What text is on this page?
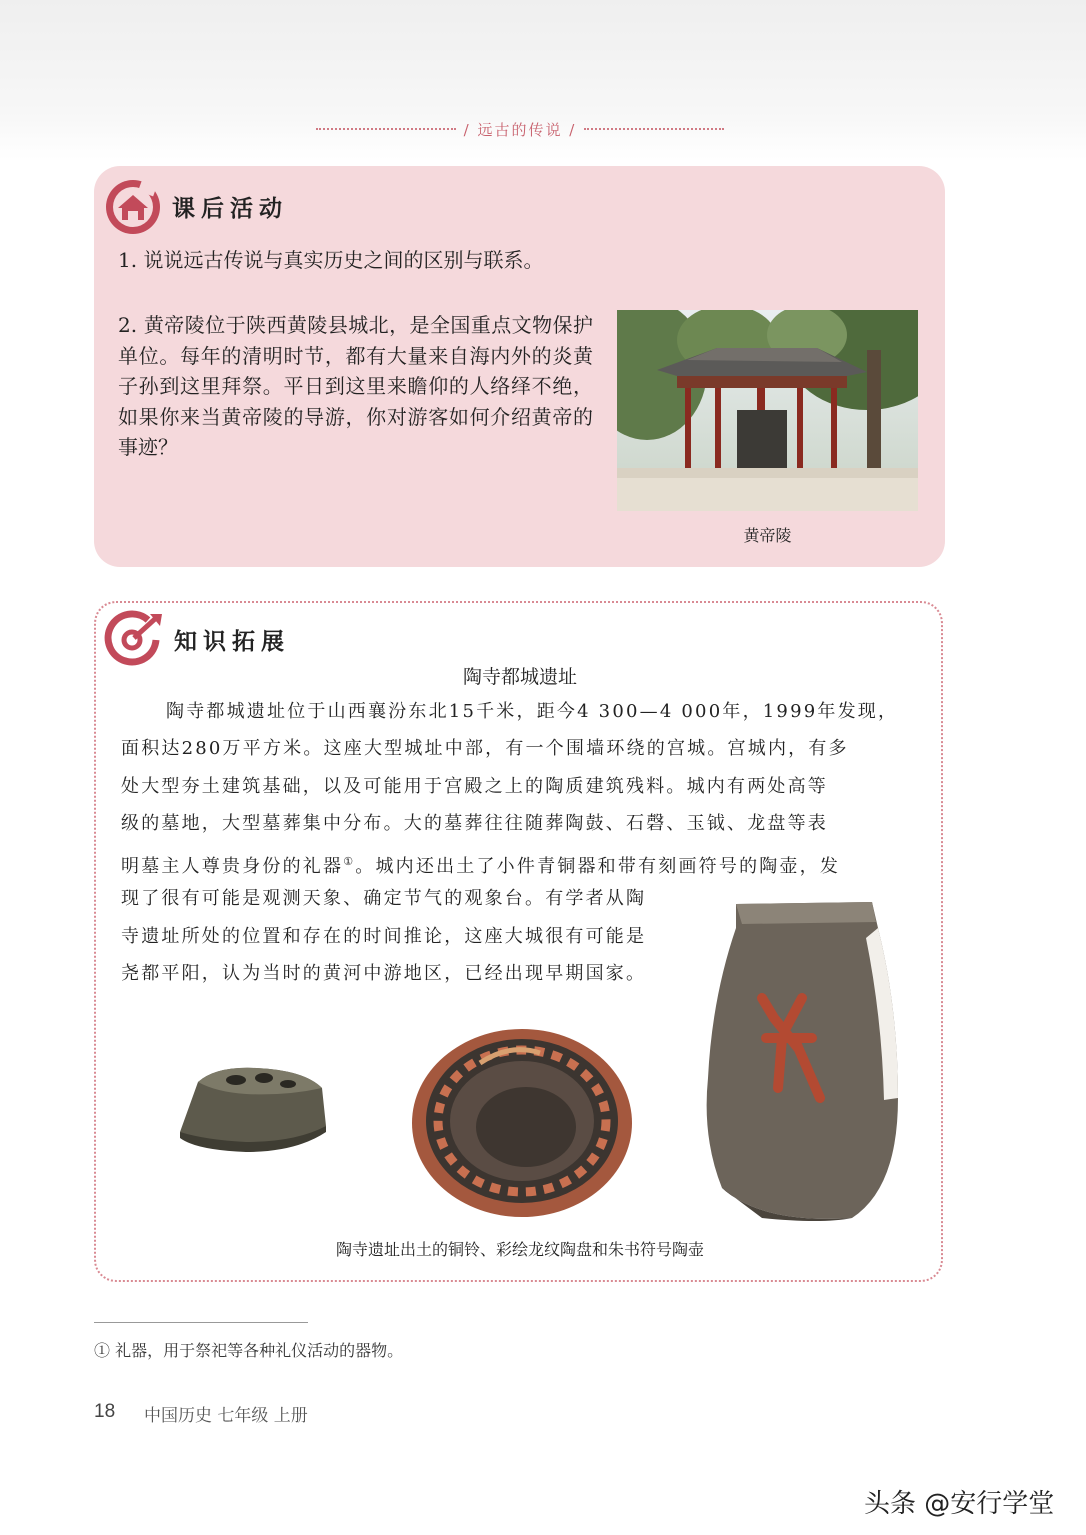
/ 远古的传说 /
课后活动
1. 说说远古传说与真实历史之间的区别与联系。
2. 黄帝陵位于陕西黄陵县城北，是全国重点文物保护单位。每年的清明时节，都有大量来自海内外的炎黄子孙到这里拜祭。平日到这里来瞻仰的人络绎不绝，如果你来当黄帝陵的导游，你对游客如何介绍黄帝的事迹？
黄帝陵
知识拓展
陶寺都城遗址
陶寺都城遗址位于山西襄汾东北15千米，距今4 300—4 000年，1999年发现，
面积达280万平方米。这座大型城址中部，有一个围墙环绕的宫城。宫城内，有多
处大型夯土建筑基础，以及可能用于宫殿之上的陶质建筑残料。城内有两处高等
级的墓地，大型墓葬集中分布。大的墓葬往往随葬陶鼓、石磬、玉钺、龙盘等表
明墓主人尊贵身份的礼器①。城内还出土了小件青铜器和带有刻画符号的陶壶，发
现了很有可能是观测天象、确定节气的观象台。有学者从陶
寺遗址所处的位置和存在的时间推论，这座大城很有可能是
尧都平阳，认为当时的黄河中游地区，已经出现早期国家。
陶寺遗址出土的铜铃、彩绘龙纹陶盘和朱书符号陶壶
① 礼器，用于祭祀等各种礼仪活动的器物。
18 中国历史 七年级 上册
头条 @安行学堂
